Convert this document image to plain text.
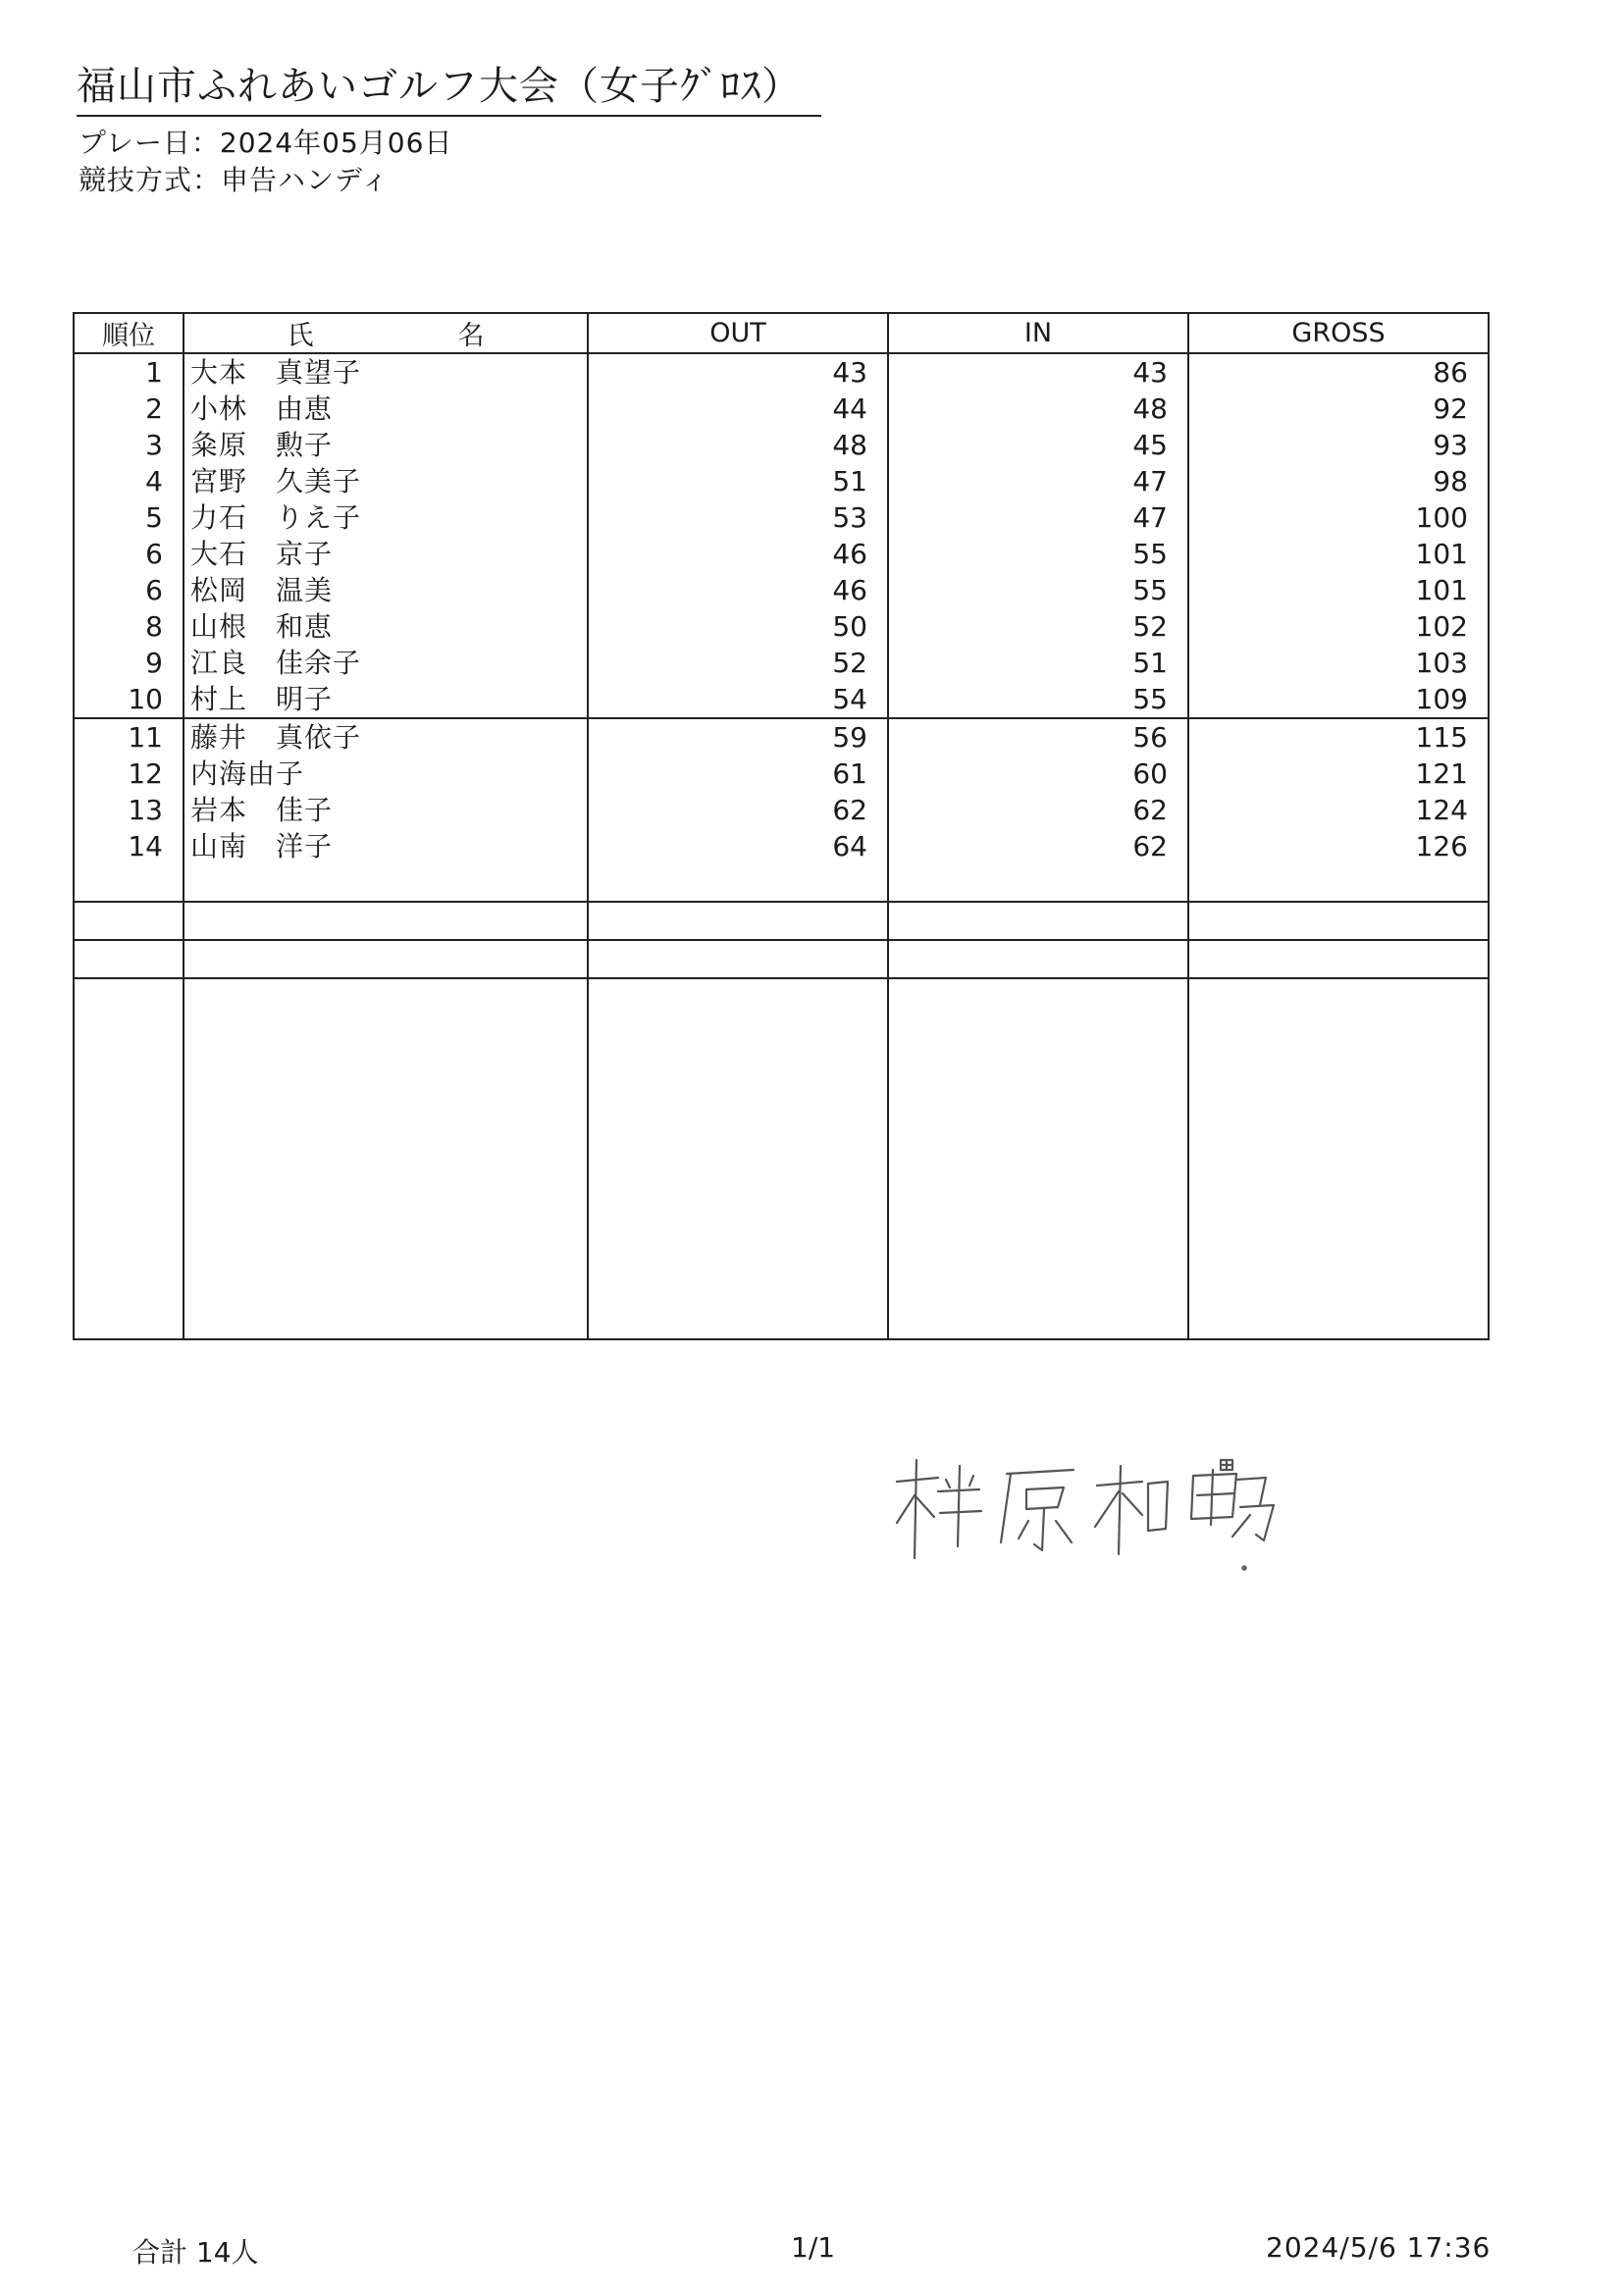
福山市ふれあいゴルフ大会（女子ｸﾞﾛｽ）
プレー日：2024年05月06日
競技方式：申告ハンディ
順位	氏　名	OUT	IN	GROSS
1	大本　真望子	43	43	86
2	小林　由恵	44	48	92
3	粂原　勲子	48	45	93
4	宮野　久美子	51	47	98
5	力石　りえ子	53	47	100
6	大石　京子	46	55	101
6	松岡　温美	46	55	101
8	山根　和恵	50	52	102
9	江良　佳余子	52	51	103
10	村上　明子	54	55	109
11	藤井　真依子	59	56	115
12	内海由子	61	60	121
13	岩本　佳子	62	62	124
14	山南　洋子	64	62	126

合計 14人	1/1	2024/5/6 17:36
